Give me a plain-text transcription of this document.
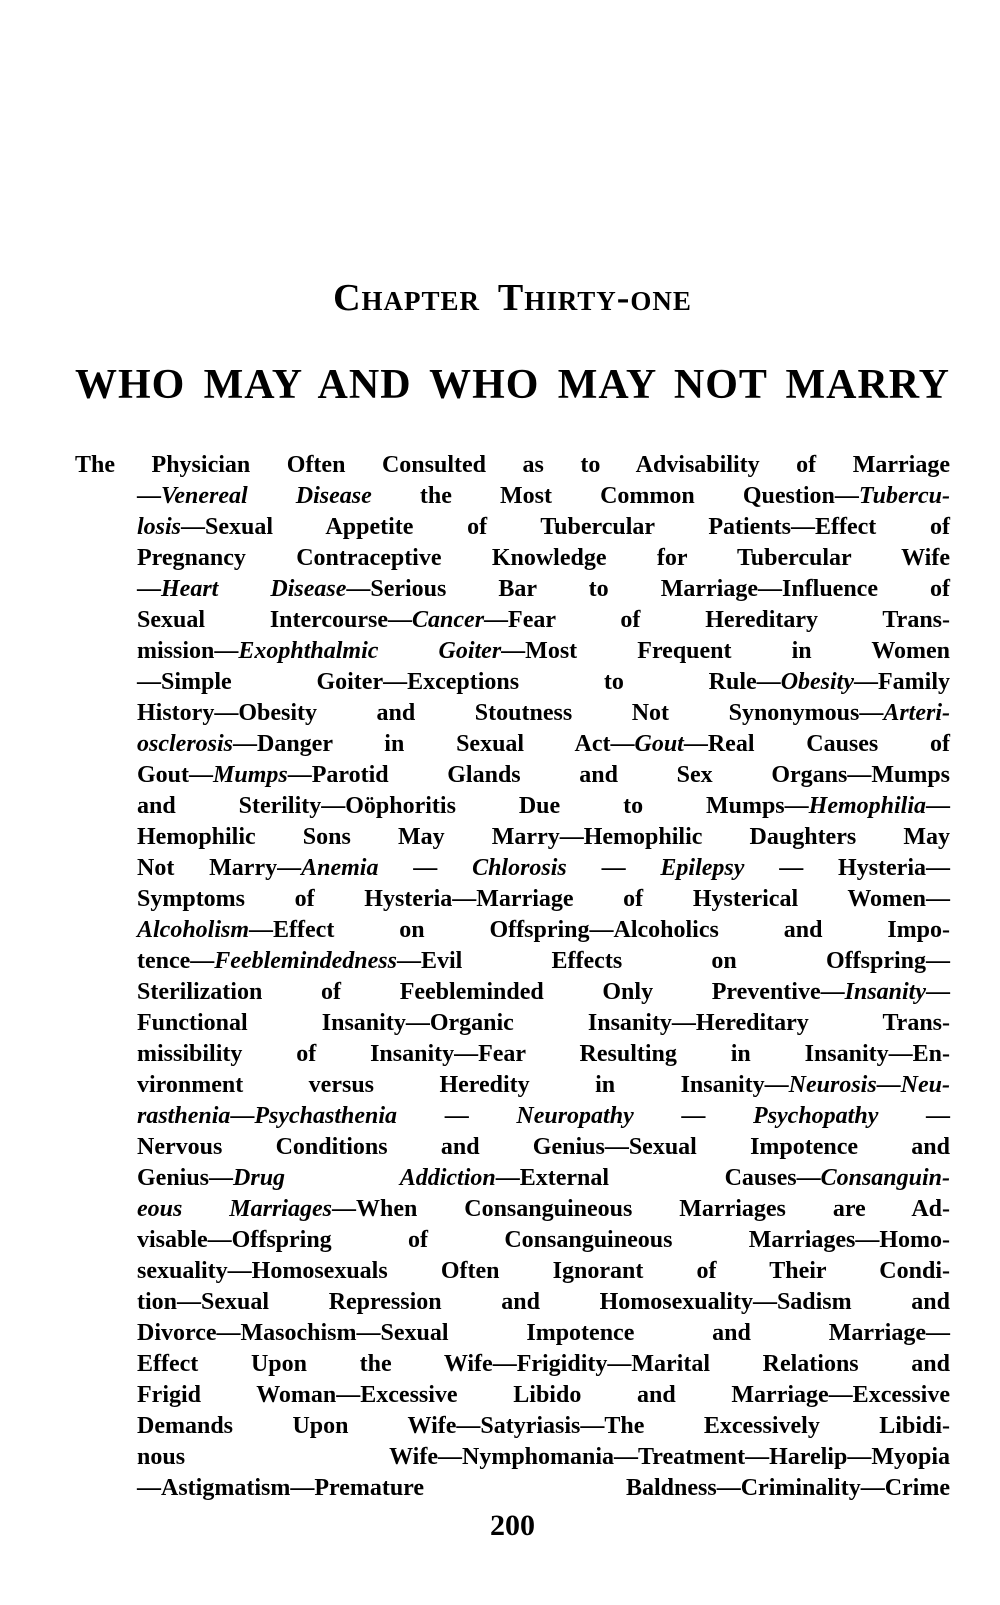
Chapter Thirty-one
WHO MAY AND WHO MAY NOT MARRY
The Physician Often Consulted as to Advisability of Marriage
—Venereal Disease the Most Common Question—Tubercu-
losis—Sexual Appetite of Tubercular Patients—Effect of
Pregnancy Contraceptive Knowledge for Tubercular Wife
—Heart Disease—Serious Bar to Marriage—Influence of
Sexual Intercourse—Cancer—Fear of Hereditary Trans-
mission—Exophthalmic Goiter—Most Frequent in Women
—Simple Goiter—Exceptions to Rule—Obesity—Family
History—Obesity and Stoutness Not Synonymous—Arteri-
osclerosis—Danger in Sexual Act—Gout—Real Causes of
Gout—Mumps—Parotid Glands and Sex Organs—Mumps
and Sterility—Oöphoritis Due to Mumps—Hemophilia—
Hemophilic Sons May Marry—Hemophilic Daughters May
Not Marry—Anemia — Chlorosis — Epilepsy — Hysteria—
Symptoms of Hysteria—Marriage of Hysterical Women—
Alcoholism—Effect on Offspring—Alcoholics and Impo-
tence—Feeblemindedness—Evil Effects on Offspring—
Sterilization of Feebleminded Only Preventive—Insanity—
Functional Insanity—Organic Insanity—Hereditary Trans-
missibility of Insanity—Fear Resulting in Insanity—En-
vironment versus Heredity in Insanity—Neurosis—Neu-
rasthenia—Psychasthenia — Neuropathy — Psychopathy —
Nervous Conditions and Genius—Sexual Impotence and
Genius—Drug Addiction—External Causes—Consanguin-
eous Marriages—When Consanguineous Marriages are Ad-
visable—Offspring of Consanguineous Marriages—Homo-
sexuality—Homosexuals Often Ignorant of Their Condi-
tion—Sexual Repression and Homosexuality—Sadism and
Divorce—Masochism—Sexual Impotence and Marriage—
Effect Upon the Wife—Frigidity—Marital Relations and
Frigid Woman—Excessive Libido and Marriage—Excessive
Demands Upon Wife—Satyriasis—The Excessively Libidi-
nous Wife—Nymphomania—Treatment—Harelip—Myopia
—Astigmatism—Premature Baldness—Criminality—Crime
200
